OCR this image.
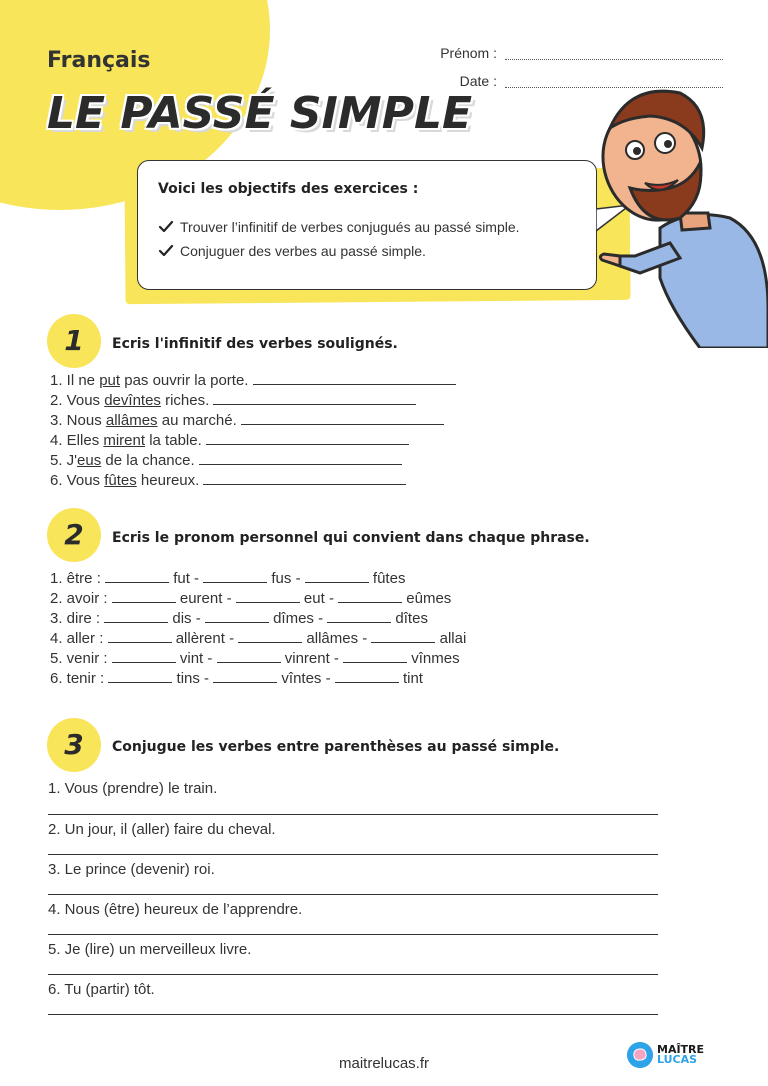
Français
LE PASSÉ SIMPLE
Prénom :
Date :
Voici les objectifs des exercices :
Trouver l’infinitif de verbes conjugués au passé simple.
Conjuguer des verbes au passé simple.
1	Ecris l'infinitif des verbes soulignés.
1. Il ne put pas ouvrir la porte.
2. Vous devîntes riches.
3. Nous allâmes au marché.
4. Elles mirent la table.
5. J'eus de la chance.
6. Vous fûtes heureux.
2	Ecris le pronom personnel qui convient dans chaque phrase.
1. être :	fut -	fus -	fûtes
2. avoir :	eurent -	eut -	eûmes
3. dire :	dis -	dîmes -	dîtes
4. aller :	allèrent -	allâmes -	allai
5. venir :	vint -	vinrent -	vînmes
6. tenir :	tins -	vîntes -	tint
3	Conjugue les verbes entre parenthèses au passé simple.
1. Vous (prendre) le train.
2. Un jour, il (aller) faire du cheval.
3. Le prince (devenir) roi.
4. Nous (être) heureux de l’apprendre.
5. Je (lire) un merveilleux livre.
6. Tu (partir) tôt.
maitrelucas.fr
MAÎTRE
LUCAS
